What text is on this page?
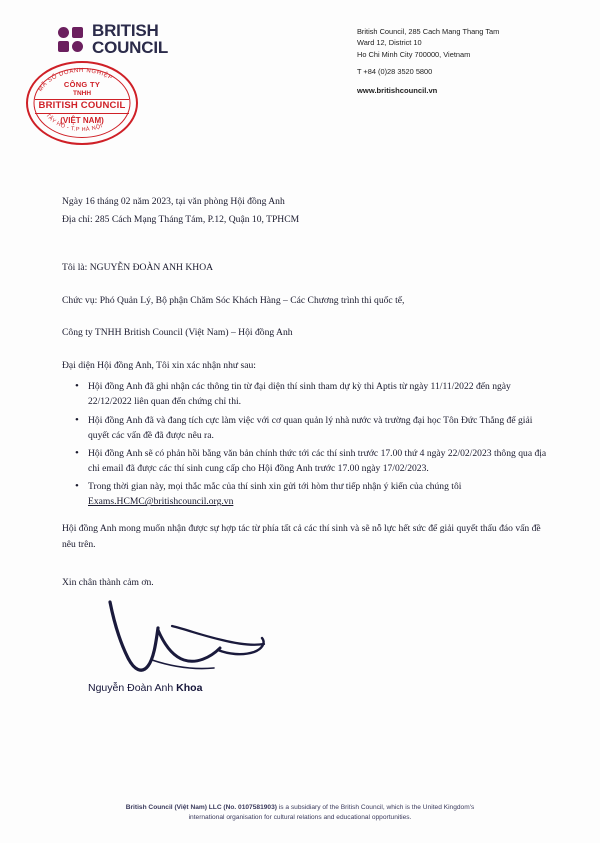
BRITISH
COUNCIL
British Council, 285 Cach Mang Thang Tam
Ward 12, District 10
Ho Chi Minh City 700000, Vietnam
T +84 (0)28 3520 5800
www.britishcouncil.vn
MÃ SỐ DOANH NGHIỆP
TÂY HỒ - T.P HÀ NỘI
CÔNG TY
TNHH
BRITISH COUNCIL
(VIỆT NAM)

Ngày 16 tháng 02 năm 2023, tại văn phòng Hội đồng Anh

Địa chỉ: 285 Cách Mạng Tháng Tám, P.12, Quận 10, TPHCM

Tôi là: NGUYỄN ĐOÀN ANH KHOA

Chức vụ: Phó Quản Lý, Bộ phận Chăm Sóc Khách Hàng – Các Chương trình thi quốc tế,

Công ty TNHH British Council (Việt Nam) – Hội đồng Anh

Đại diện Hội đồng Anh, Tôi xin xác nhận như sau:
• Hội đồng Anh đã ghi nhận các thông tin từ đại diện thí sinh tham dự kỳ thi Aptis từ ngày 11/11/2022 đến ngày 22/12/2022 liên quan đến chứng chỉ thi.
• Hội đồng Anh đã và đang tích cực làm việc với cơ quan quản lý nhà nước và trường đại học Tôn Đức Thắng để giải quyết các vấn đề đã được nêu ra.
• Hội đồng Anh sẽ có phản hồi bằng văn bản chính thức tới các thí sinh trước 17.00 thứ 4 ngày 22/02/2023 thông qua địa chỉ email đã được các thí sinh cung cấp cho Hội đồng Anh trước 17.00 ngày 17/02/2023.
• Trong thời gian này, mọi thắc mắc của thí sinh xin gửi tới hòm thư tiếp nhận ý kiến của chúng tôi Exams.HCMC@britishcouncil.org.vn

Hội đồng Anh mong muốn nhận được sự hợp tác từ phía tất cả các thí sinh và sẽ nỗ lực hết sức để giải quyết thấu đáo vấn đề nêu trên.

Xin chân thành cảm ơn.
Nguyễn Đoàn Anh Khoa
British Council (Việt Nam) LLC (No. 0107581903) is a subsidiary of the British Council, which is the United Kingdom's
international organisation for cultural relations and educational opportunities.
